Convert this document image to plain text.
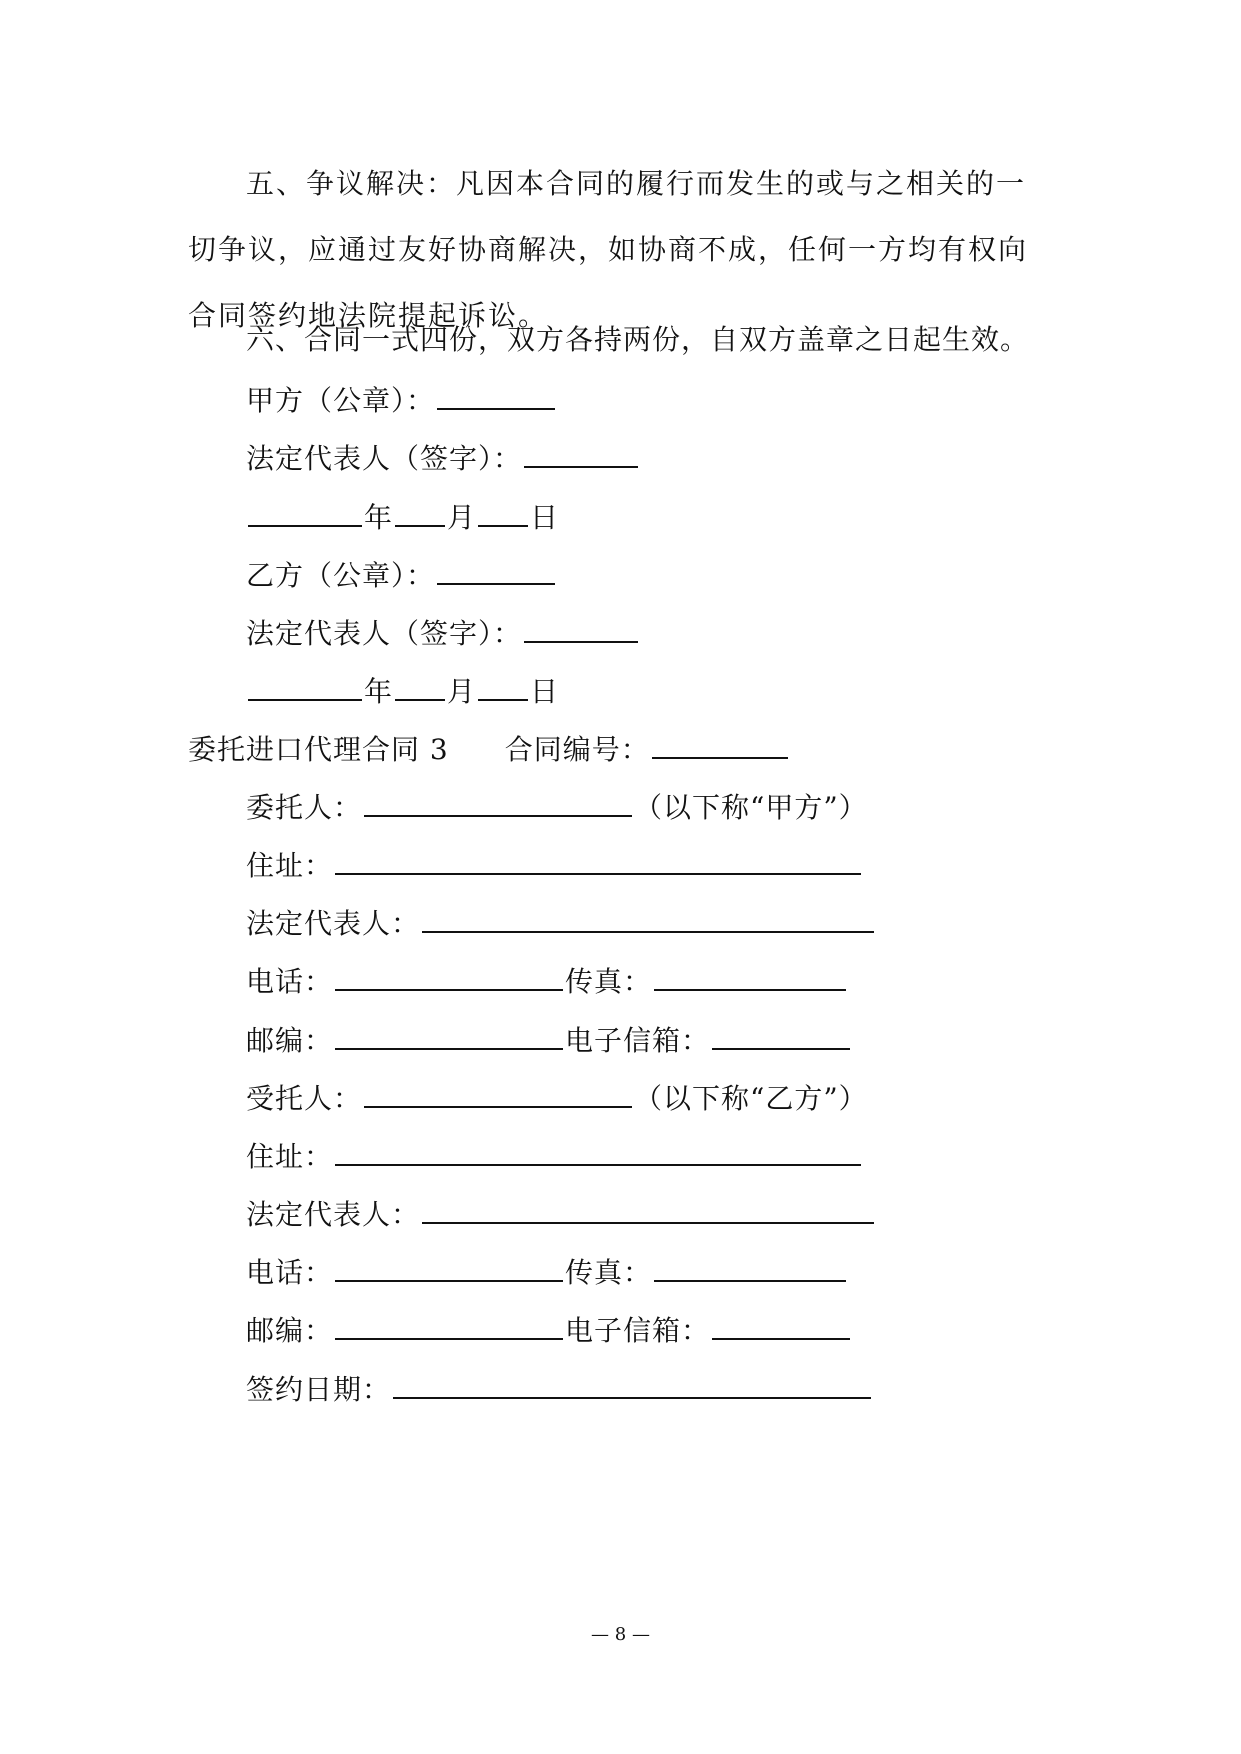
五、争议解决：凡因本合同的履行而发生的或与之相关的一切争议，应通过友好协商解决，如协商不成，任何一方均有权向合同签约地法院提起诉讼。
六、合同一式四份，双方各持两份，自双方盖章之日起生效。
甲方（公章）：
法定代表人（签字）：
年 月 日
乙方（公章）：
法定代表人（签字）：
年 月 日
委托进口代理合同 3 合同编号：
委托人：	（以下称“甲方”）
住址：
法定代表人：
电话：	传真：
邮编：	电子信箱：
受托人：	（以下称“乙方”）
住址：
法定代表人：
电话：	传真：
邮编：	电子信箱：
签约日期：
— 8 —
